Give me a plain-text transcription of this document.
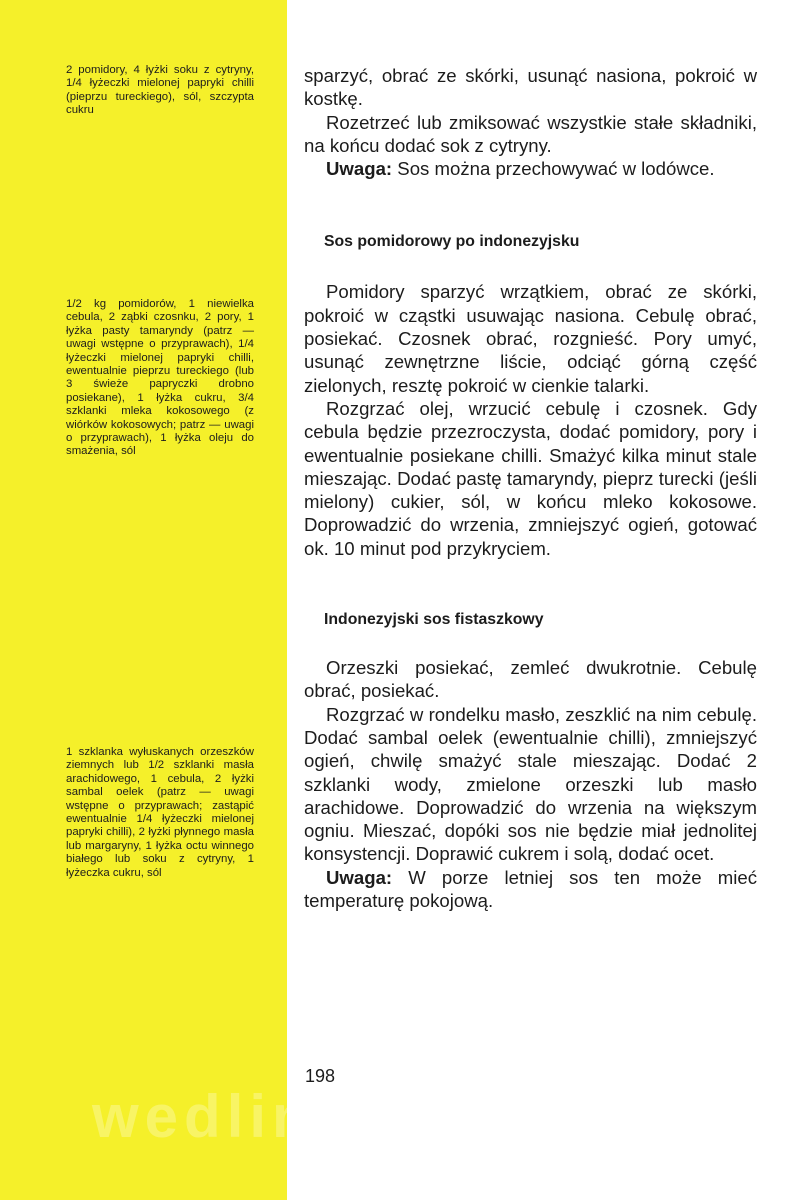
2 pomidory, 4 łyżki soku z cytryny, 1/4 łyżeczki mielonej papryki chilli (pieprzu tureckiego), sól, szczypta cukru

1/2 kg pomidorów, 1 niewielka cebula, 2 ząbki czosnku, 2 pory, 1 łyżka pasty tamaryndy (patrz — uwagi wstępne o przyprawach), 1/4 łyżeczki mielonej papryki chilli, ewentualnie pieprzu tureckiego (lub 3 świeże papryczki drobno posiekane), 1 łyżka cukru, 3/4 szklanki mleka kokosowego (z wiórków kokosowych; patrz — uwagi o przyprawach), 1 łyżka oleju do smażenia, sól

1 szklanka wyłuskanych orzeszków ziemnych lub 1/2 szklanki masła arachidowego, 1 cebula, 2 łyżki sambal oelek (patrz — uwagi wstępne o przyprawach; zastąpić ewentualnie 1/4 łyżeczki mielonej papryki chilli), 2 łyżki płynnego masła lub margaryny, 1 łyżka octu winnego białego lub soku z cytryny, 1 łyżeczka cukru, sól

sparzyć, obrać ze skórki, usunąć nasiona, pokroić w kostkę.

Rozetrzeć lub zmiksować wszystkie stałe składniki, na końcu dodać sok z cytryny.

Uwaga: Sos można przechowywać w lodówce.

Sos pomidorowy po indonezyjsku

Pomidory sparzyć wrzątkiem, obrać ze skórki, pokroić w cząstki usuwając nasiona. Cebulę obrać, posiekać. Czosnek obrać, rozgnieść. Pory umyć, usunąć zewnętrzne liście, odciąć górną część zielonych, resztę pokroić w cienkie talarki.

Rozgrzać olej, wrzucić cebulę i czosnek. Gdy cebula będzie przezroczysta, dodać pomidory, pory i ewentualnie posiekane chilli. Smażyć kilka minut stale mieszając. Dodać pastę tamaryndy, pieprz turecki (jeśli mielony) cukier, sól, w końcu mleko kokosowe. Doprowadzić do wrzenia, zmniejszyć ogień, gotować ok. 10 minut pod przykryciem.

Indonezyjski sos fistaszkowy

Orzeszki posiekać, zemleć dwukrotnie. Cebulę obrać, posiekać.

Rozgrzać w rondelku masło, zeszklić na nim cebulę. Dodać sambal oelek (ewentualnie chilli), zmniejszyć ogień, chwilę smażyć stale mieszając. Dodać 2 szklanki wody, zmielone orzeszki lub masło arachidowe. Doprowadzić do wrzenia na większym ogniu. Mieszać, dopóki sos nie będzie miał jednolitej konsystencji. Doprawić cukrem i solą, dodać ocet.

Uwaga: W porze letniej sos ten może mieć temperaturę pokojową.

198
wedlinydomowe.pl
